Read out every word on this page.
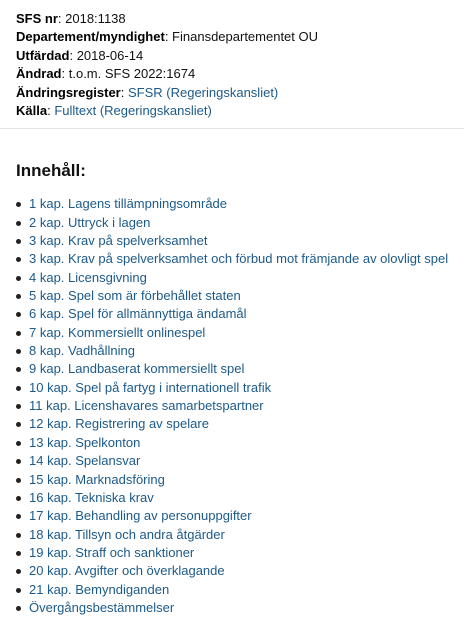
SFS nr: 2018:1138
Departement/myndighet: Finansdepartementet OU
Utfärdad: 2018-06-14
Ändrad: t.o.m. SFS 2022:1674
Ändringsregister: SFSR (Regeringskansliet)
Källa: Fulltext (Regeringskansliet)
Innehåll:
1 kap. Lagens tillämpningsområde
2 kap. Uttryck i lagen
3 kap. Krav på spelverksamhet
3 kap. Krav på spelverksamhet och förbud mot främjande av olovligt spel
4 kap. Licensgivning
5 kap. Spel som är förbehållet staten
6 kap. Spel för allmännyttiga ändamål
7 kap. Kommersiellt onlinespel
8 kap. Vadhållning
9 kap. Landbaserat kommersiellt spel
10 kap. Spel på fartyg i internationell trafik
11 kap. Licenshavares samarbetspartner
12 kap. Registrering av spelare
13 kap. Spelkonton
14 kap. Spelansvar
15 kap. Marknadsföring
16 kap. Tekniska krav
17 kap. Behandling av personuppgifter
18 kap. Tillsyn och andra åtgärder
19 kap. Straff och sanktioner
20 kap. Avgifter och överklagande
21 kap. Bemyndiganden
Övergångsbestämmelser
